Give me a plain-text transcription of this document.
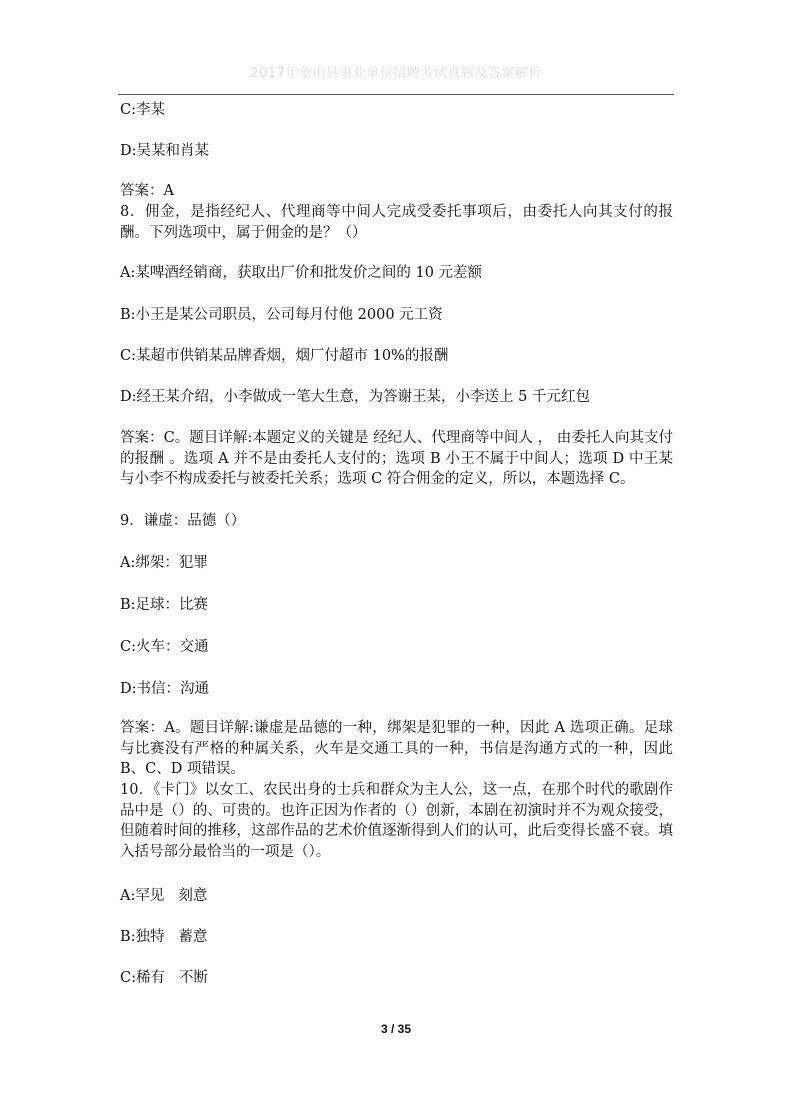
2017年象山县事业单位招聘考试真题及答案解析
C:李某
D:吴某和肖某
答案：A
8．佣金，是指经纪人、代理商等中间人完成受委托事项后，由委托人向其支付的报酬。下列选项中，属于佣金的是？（）
A:某啤酒经销商，获取出厂价和批发价之间的 10 元差额
B:小王是某公司职员，公司每月付他 2000 元工资
C:某超市供销某品牌香烟，烟厂付超市 10%的报酬
D:经王某介绍，小李做成一笔大生意，为答谢王某，小李送上 5 千元红包
答案：C。题目详解:本题定义的关键是 经纪人、代理商等中间人 ， 由委托人向其支付的报酬 。选项 A 并不是由委托人支付的；选项 B 小王不属于中间人；选项 D 中王某与小李不构成委托与被委托关系；选项 C 符合佣金的定义，所以，本题选择 C。
9．谦虚：品德（）
A:绑架：犯罪
B:足球：比赛
C:火车：交通
D:书信：沟通
答案：A。题目详解:谦虚是品德的一种，绑架是犯罪的一种，因此 A 选项正确。足球与比赛没有严格的种属关系，火车是交通工具的一种，书信是沟通方式的一种，因此 B、C、D 项错误。
10．《卡门》以女工、农民出身的士兵和群众为主人公，这一点，在那个时代的歌剧作品中是（）的、可贵的。也许正因为作者的（）创新，本剧在初演时并不为观众接受，但随着时间的推移，这部作品的艺术价值逐渐得到人们的认可，此后变得长盛不衰。填入括号部分最恰当的一项是（）。
A:罕见 刻意
B:独特 蓄意
C:稀有 不断
3 / 35
